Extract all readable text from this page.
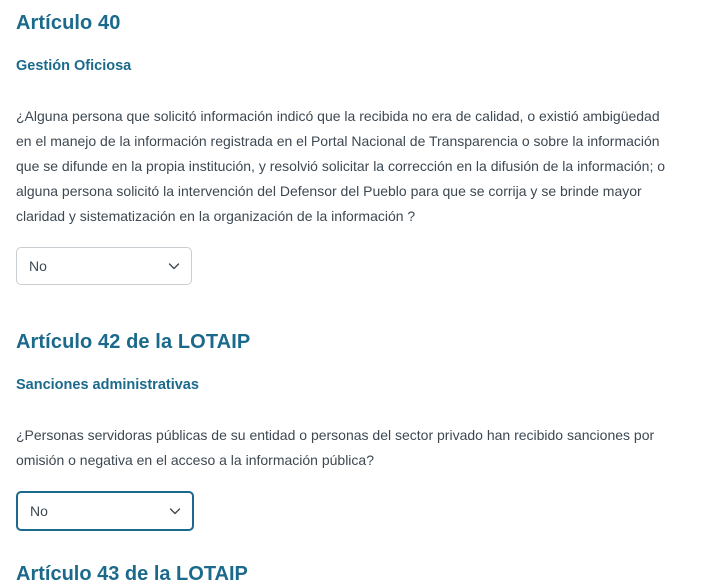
Artículo 40
Gestión Oficiosa

¿Alguna persona que solicitó información indicó que la recibida no era de calidad, o existió ambigüedad en el manejo de la información registrada en el Portal Nacional de Transparencia o sobre la información que se difunde en la propia institución, y resolvió solicitar la corrección en la difusión de la información; o alguna persona solicitó la intervención del Defensor del Pueblo para que se corrija y se brinde mayor claridad y sistematización en la organización de la información ?

No
Artículo 42 de la LOTAIP
Sanciones administrativas

¿Personas servidoras públicas de su entidad o personas del sector privado han recibido sanciones por omisión o negativa en el acceso a la información pública?

No
Artículo 43 de la LOTAIP
